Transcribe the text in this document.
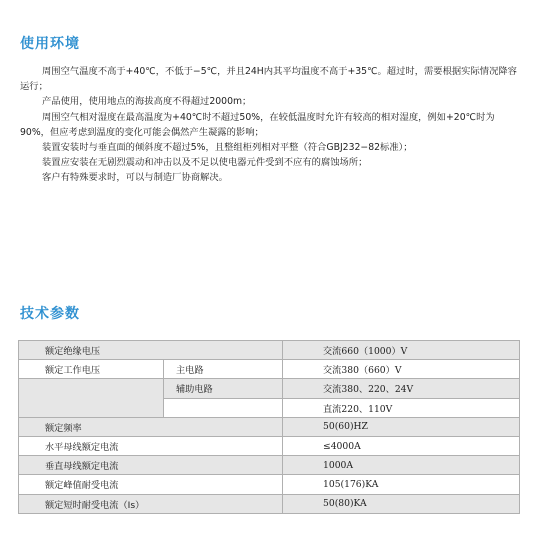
使用环境

周围空气温度不高于+40℃，不低于−5℃，并且24H内其平均温度不高于+35℃。超过时，需要根据实际情况降容运行；

产品使用，使用地点的海拔高度不得超过2000m；

周围空气相对湿度在最高温度为+40℃时不超过50%，在较低温度时允许有较高的相对湿度，例如+20℃时为90%，但应考虑到温度的变化可能会偶然产生凝露的影响；

装置安装时与垂直面的倾斜度不超过5%，且整组柜列相对平整（符合GBJ232−82标准）；

装置应安装在无剧烈震动和冲击以及不足以使电器元件受到不应有的腐蚀场所；

客户有特殊要求时，可以与制造厂协商解决。

技术参数
额定绝缘电压		交流660（1000）V
额定工作电压	主电路	交流380（660）V
	辅助电路	交流380、220、24V
		直流220、110V
额定频率		50(60)HZ
水平母线额定电流		≤4000A
垂直母线额定电流		1000A
额定峰值耐受电流		105(176)KA
额定短时耐受电流（Is）		50(80)KA
